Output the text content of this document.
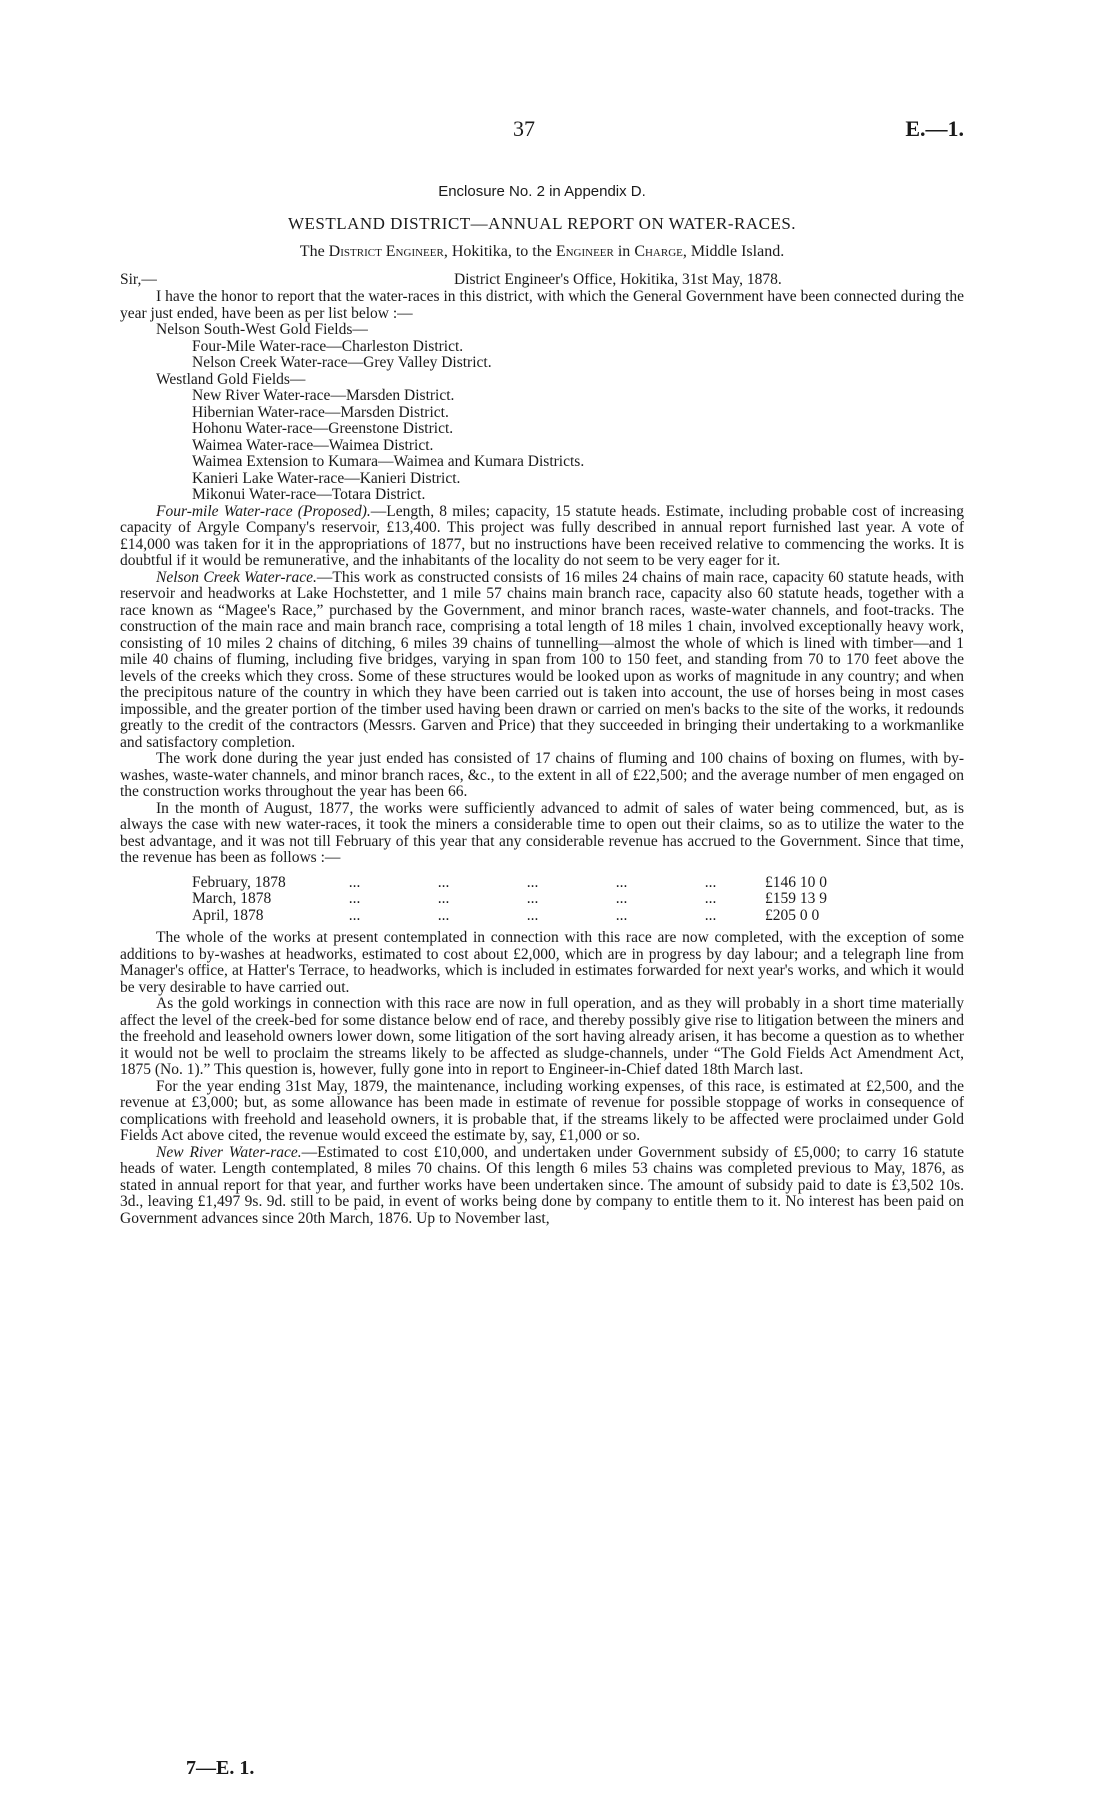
37	E.—1.
Enclosure No. 2 in Appendix D.
WESTLAND DISTRICT—ANNUAL REPORT ON WATER-RACES.
The District Engineer, Hokitika, to the Engineer in Charge, Middle Island.
Sir,—	District Engineer's Office, Hokitika, 31st May, 1878.

I have the honor to report that the water-races in this district, with which the General Government have been connected during the year just ended, have been as per list below :—

Nelson South-West Gold Fields—
Four-Mile Water-race—Charleston District.
Nelson Creek Water-race—Grey Valley District.
Westland Gold Fields—
New River Water-race—Marsden District.
Hibernian Water-race—Marsden District.
Hohonu Water-race—Greenstone District.
Waimea Water-race—Waimea District.
Waimea Extension to Kumara—Waimea and Kumara Districts.
Kanieri Lake Water-race—Kanieri District.
Mikonui Water-race—Totara District.

Four-mile Water-race (Proposed).—Length, 8 miles; capacity, 15 statute heads. Estimate, including probable cost of increasing capacity of Argyle Company's reservoir, £13,400. This project was fully described in annual report furnished last year. A vote of £14,000 was taken for it in the appropriations of 1877, but no instructions have been received relative to commencing the works. It is doubtful if it would be remunerative, and the inhabitants of the locality do not seem to be very eager for it.

Nelson Creek Water-race.—This work as constructed consists of 16 miles 24 chains of main race, capacity 60 statute heads, with reservoir and headworks at Lake Hochstetter, and 1 mile 57 chains main branch race, capacity also 60 statute heads, together with a race known as “Magee's Race,” purchased by the Government, and minor branch races, waste-water channels, and foot-tracks. The construction of the main race and main branch race, comprising a total length of 18 miles 1 chain, involved exceptionally heavy work, consisting of 10 miles 2 chains of ditching, 6 miles 39 chains of tunnelling—almost the whole of which is lined with timber—and 1 mile 40 chains of fluming, including five bridges, varying in span from 100 to 150 feet, and standing from 70 to 170 feet above the levels of the creeks which they cross. Some of these structures would be looked upon as works of magnitude in any country; and when the precipitous nature of the country in which they have been carried out is taken into account, the use of horses being in most cases impossible, and the greater portion of the timber used having been drawn or carried on men's backs to the site of the works, it redounds greatly to the credit of the contractors (Messrs. Garven and Price) that they succeeded in bringing their undertaking to a workmanlike and satisfactory completion.

The work done during the year just ended has consisted of 17 chains of fluming and 100 chains of boxing on flumes, with by-washes, waste-water channels, and minor branch races, &c., to the extent in all of £22,500; and the average number of men engaged on the construction works throughout the year has been 66.

In the month of August, 1877, the works were sufficiently advanced to admit of sales of water being commenced, but, as is always the case with new water-races, it took the miners a considerable time to open out their claims, so as to utilize the water to the best advantage, and it was not till February of this year that any considerable revenue has accrued to the Government. Since that time, the revenue has been as follows :—

February, 1878	...	...	...	...	...	£146 10 0
March, 1878	...	...	...	...	...	£159 13 9
April, 1878	...	...	...	...	...	£205 0 0

The whole of the works at present contemplated in connection with this race are now completed, with the exception of some additions to by-washes at headworks, estimated to cost about £2,000, which are in progress by day labour; and a telegraph line from Manager's office, at Hatter's Terrace, to headworks, which is included in estimates forwarded for next year's works, and which it would be very desirable to have carried out.

As the gold workings in connection with this race are now in full operation, and as they will probably in a short time materially affect the level of the creek-bed for some distance below end of race, and thereby possibly give rise to litigation between the miners and the freehold and leasehold owners lower down, some litigation of the sort having already arisen, it has become a question as to whether it would not be well to proclaim the streams likely to be affected as sludge-channels, under “The Gold Fields Act Amendment Act, 1875 (No. 1).” This question is, however, fully gone into in report to Engineer-in-Chief dated 18th March last.

For the year ending 31st May, 1879, the maintenance, including working expenses, of this race, is estimated at £2,500, and the revenue at £3,000; but, as some allowance has been made in estimate of revenue for possible stoppage of works in consequence of complications with freehold and leasehold owners, it is probable that, if the streams likely to be affected were proclaimed under Gold Fields Act above cited, the revenue would exceed the estimate by, say, £1,000 or so.

New River Water-race.—Estimated to cost £10,000, and undertaken under Government subsidy of £5,000; to carry 16 statute heads of water. Length contemplated, 8 miles 70 chains. Of this length 6 miles 53 chains was completed previous to May, 1876, as stated in annual report for that year, and further works have been undertaken since. The amount of subsidy paid to date is £3,502 10s. 3d., leaving £1,497 9s. 9d. still to be paid, in event of works being done by company to entitle them to it. No interest has been paid on Government advances since 20th March, 1876. Up to November last,

7—E. 1.
